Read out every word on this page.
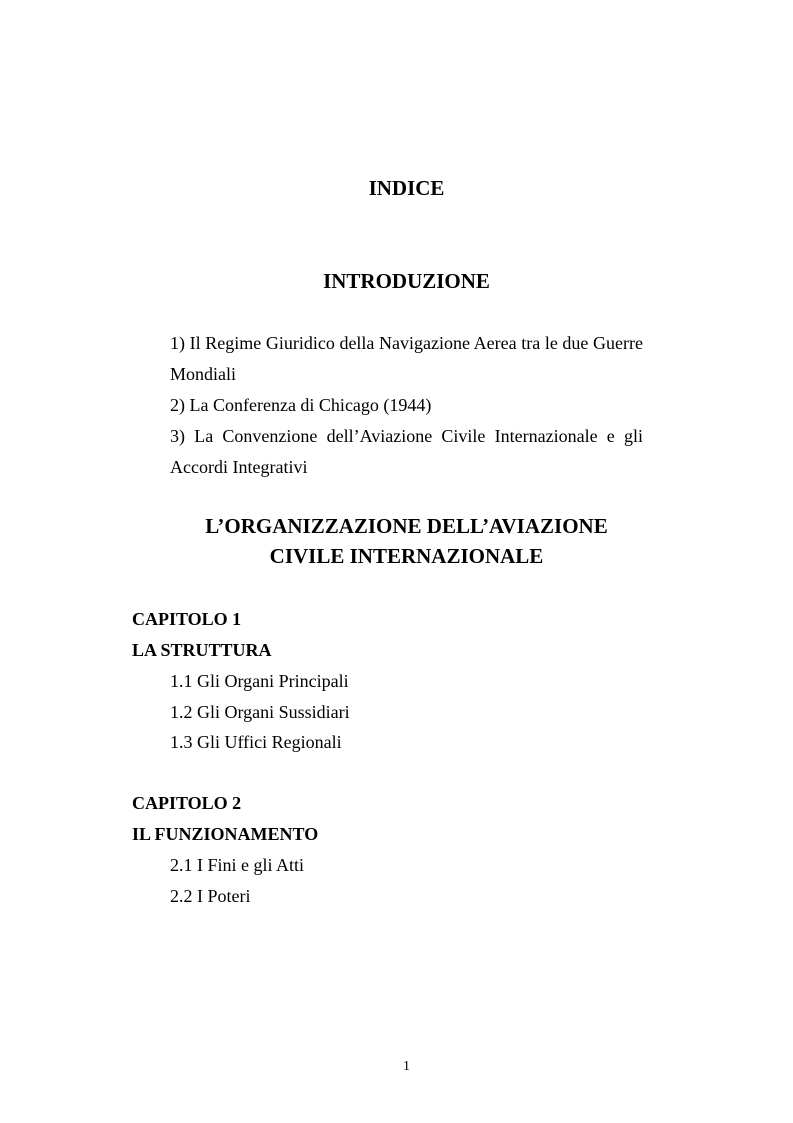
INDICE
INTRODUZIONE
1) Il Regime Giuridico della Navigazione Aerea tra le due Guerre Mondiali
2) La Conferenza di Chicago (1944)
3) La Convenzione dell’Aviazione Civile Internazionale e gli Accordi Integrativi
L’ORGANIZZAZIONE DELL’AVIAZIONE
CIVILE INTERNAZIONALE

CAPITOLO 1

LA STRUTTURA

1.1 Gli Organi Principali
1.2 Gli Organi Sussidiari
1.3 Gli Uffici Regionali

CAPITOLO 2

IL FUNZIONAMENTO

2.1 I Fini e gli Atti
2.2 I Poteri
1
